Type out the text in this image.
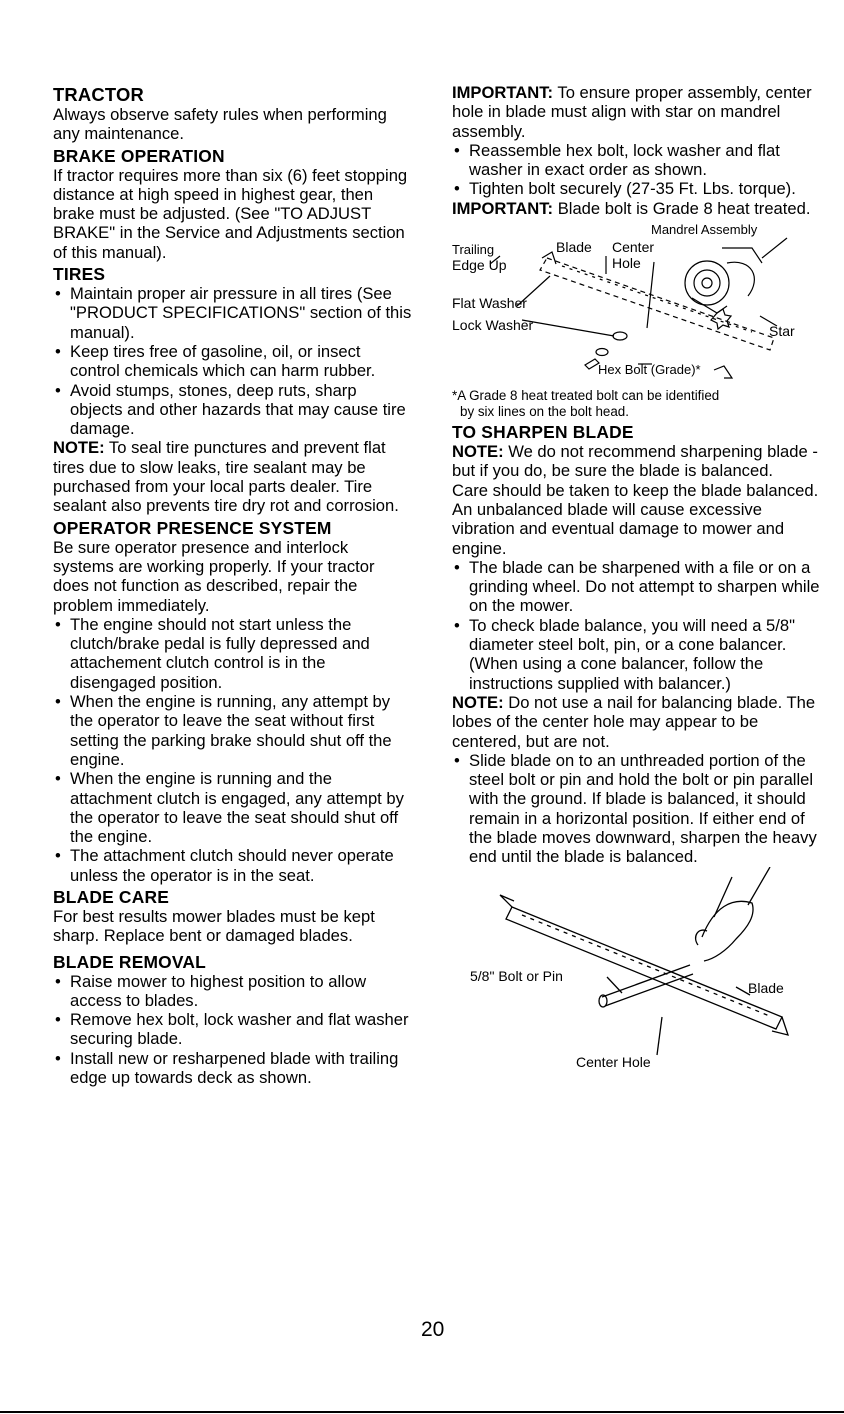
TRACTOR

Always observe safety rules when performing any maintenance.

BRAKE OPERATION

If tractor requires more than six (6) feet stopping distance at high speed in highest gear, then brake must be adjusted. (See "TO ADJUST BRAKE" in the Service and Adjustments section of this manual).

TIRES
• Maintain proper air pressure in all tires (See "PRODUCT SPECIFICATIONS" section of this manual).
• Keep tires free of gasoline, oil, or insect control chemicals which can harm rubber.
• Avoid stumps, stones, deep ruts, sharp objects and other hazards that may cause tire damage.

NOTE: To seal tire punctures and prevent flat tires due to slow leaks, tire sealant may be purchased from your local parts dealer. Tire sealant also prevents tire dry rot and corrosion.

OPERATOR PRESENCE SYSTEM

Be sure operator presence and interlock systems are working properly. If your tractor does not function as described, repair the problem immediately.

• The engine should not start unless the clutch/brake pedal is fully depressed and attachement clutch control is in the disengaged position.
• When the engine is running, any attempt by the operator to leave the seat without first setting the parking brake should shut off the engine.
• When the engine is running and the attachment clutch is engaged, any attempt by the operator to leave the seat should shut off the engine.
• The attachment clutch should never operate unless the operator is in the seat.
BLADE CARE

For best results mower blades must be kept sharp. Replace bent or damaged blades.

BLADE REMOVAL
• Raise mower to highest position to allow access to blades.
• Remove hex bolt, lock washer and flat washer securing blade.
• Install new or resharpened blade with trailing edge up towards deck as shown.

IMPORTANT: To ensure proper assembly, center hole in blade must align with star on mandrel assembly.

• Reassemble hex bolt, lock washer and flat washer in exact order as shown.
• Tighten bolt securely (27-35 Ft. Lbs. torque).

IMPORTANT: Blade bolt is Grade 8 heat treated.

Mandrel Assembly
Trailing
Edge Up
Blade Center
Hole
Flat Washer
Lock Washer	Star
Hex Bolt (Grade)*

*A Grade 8 heat treated bolt can be identified

by six lines on the bolt head.

TO SHARPEN BLADE

NOTE: We do not recommend sharpening blade - but if you do, be sure the blade is balanced.

Care should be taken to keep the blade balanced. An unbalanced blade will cause excessive vibration and eventual damage to mower and engine.

• The blade can be sharpened with a file or on a grinding wheel. Do not attempt to sharpen while on the mower.
• To check blade balance, you will need a 5/8" diameter steel bolt, pin, or a cone balancer. (When using a cone balancer, follow the instructions supplied with balancer.)

NOTE: Do not use a nail for balancing blade. The lobes of the center hole may appear to be centered, but are not.

• Slide blade on to an unthreaded portion of the steel bolt or pin and hold the bolt or pin parallel with the ground. If blade is balanced, it should remain in a horizontal position. If either end of the blade moves downward, sharpen the heavy end until the blade is balanced.
5/8" Bolt or Pin
Blade
Center Hole
20
